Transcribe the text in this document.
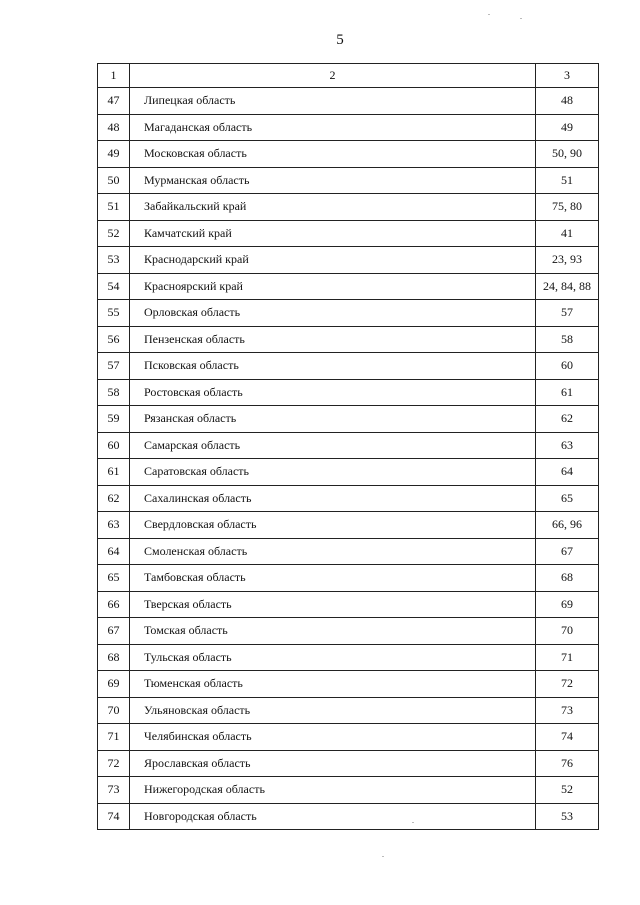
5
1	2	3
47	Липецкая область	48
48	Магаданская область	49
49	Московская область	50, 90
50	Мурманская область	51
51	Забайкальский край	75, 80
52	Камчатский край	41
53	Краснодарский край	23, 93
54	Красноярский край	24, 84, 88
55	Орловская область	57
56	Пензенская область	58
57	Псковская область	60
58	Ростовская область	61
59	Рязанская область	62
60	Самарская область	63
61	Саратовская область	64
62	Сахалинская область	65
63	Свердловская область	66, 96
64	Смоленская область	67
65	Тамбовская область	68
66	Тверская область	69
67	Томская область	70
68	Тульская область	71
69	Тюменская область	72
70	Ульяновская область	73
71	Челябинская область	74
72	Ярославская область	76
73	Нижегородская область	52
74	Новгородская область	53
